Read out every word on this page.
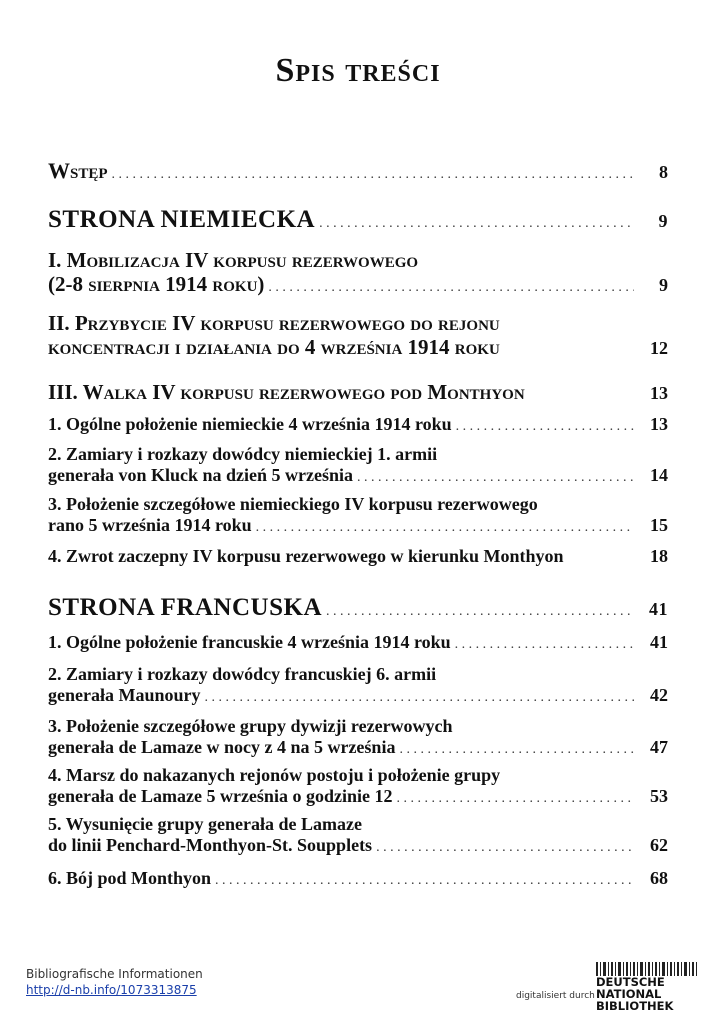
Spis treści
Wstęp . . .	8
STRONA NIEMIECKA . . .	9
I. Mobilizacja IV korpusu rezerwowego
(2-8 sierpnia 1914 roku) . . .	9
II. Przybycie IV korpusu rezerwowego do rejonu
koncentracji i działania do 4 września 1914 roku	12
III. Walka IV korpusu rezerwowego pod Monthyon	13
1. Ogólne położenie niemieckie 4 września 1914 roku . . .	13
2. Zamiary i rozkazy dowódcy niemieckiej 1. armii
generała von Kluck na dzień 5 września . . .	14
3. Położenie szczegółowe niemieckiego IV korpusu rezerwowego
rano 5 września 1914 roku . . .	15
4. Zwrot zaczepny IV korpusu rezerwowego w kierunku Monthyon	18
STRONA FRANCUSKA . . .	41
1. Ogólne położenie francuskie 4 września 1914 roku . . .	41
2. Zamiary i rozkazy dowódcy francuskiej 6. armii
generała Maunoury . . .	42
3. Położenie szczegółowe grupy dywizji rezerwowych
generała de Lamaze w nocy z 4 na 5 września . . .	47
4. Marsz do nakazanych rejonów postoju i położenie grupy
generała de Lamaze 5 września o godzinie 12 . . .	53
5. Wysunięcie grupy generała de Lamaze
do linii Penchard-Monthyon-St. Soupplets . . .	62
6. Bój pod Monthyon . . .	68
Bibliografische Informationen
http://d-nb.info/1073313875	digitalisiert durch
DEUTSCHE
NATIONAL
BIBLIOTHEK
